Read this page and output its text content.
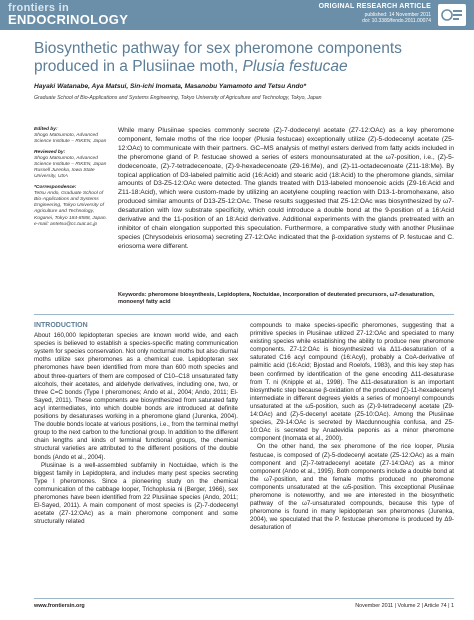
frontiers in
ENDOCRINOLOGY
ORIGINAL RESEARCH ARTICLE
published: 14 November 2011
doi: 10.3389/fendo.2011.00074
Biosynthetic pathway for sex pheromone components produced in a Plusiinae moth, Plusia festucae
Hayaki Watanabe, Aya Matsui, Sin-ichi Inomata, Masanobu Yamamoto and Tetsu Ando*
Graduate School of Bio-Applications and Systems Engineering, Tokyo University of Agriculture and Technology, Tokyo, Japan
Edited by:
Shogo Matsumoto, Advanced Science Institute – RIKEN, Japan
Reviewed by:
Shogo Matsumoto, Advanced Science Institute – RIKEN, Japan Russell Jurenka, Iowa State University, USA
*Correspondence:
Tetsu Ando, Graduate School of Bio-Applications and Systems Engineering, Tokyo University of Agriculture and Technology, Koganei, Tokyo 184-8588, Japan. e-mail: antetsu@cc.tuat.ac.jp
While many Plusiinae species commonly secrete (Z)-7-dodecenyl acetate (Z7-12:OAc) as a key pheromone component, female moths of the rice looper (Plusia festucae) exceptionally utilize (Z)-5-dodecenyl acetate (Z5-12:OAc) to communicate with their partners. GC–MS analysis of methyl esters derived from fatty acids included in the pheromone gland of P. festucae showed a series of esters monounsaturated at the ω7-position, i.e., (Z)-5-dodecenoate, (Z)-7-tetradecenoate, (Z)-9-hexadecenoate (Z9-16:Me), and (Z)-11-octadecenoate (Z11-18:Me). By topical application of D3-labeled palmitic acid (16:Acid) and stearic acid (18:Acid) to the pheromone glands, similar amounts of D3-Z5-12:OAc were detected. The glands treated with D13-labeled monoenoic acids (Z9-16:Acid and Z11-18:Acid), which were custom-made by utilizing an acetylene coupling reaction with D13-1-bromohexane, also produced similar amounts of D13-Z5-12:OAc. These results suggested that Z5-12:OAc was biosynthesized by ω7-desaturation with low substrate specificity, which could introduce a double bond at the 9-position of a 16:Acid derivative and the 11-position of an 18:Acid derivative. Additional experiments with the glands pretreated with an inhibitor of chain elongation supported this speculation. Furthermore, a comparative study with another Plusiinae species (Chrysodeixis eriosoma) secreting Z7-12:OAc indicated that the β-oxidation systems of P. festucae and C. eriosoma were different.
Keywords: pheromone biosynthesis, Lepidoptera, Noctuidae, incorporation of deuterated precursors, ω7-desaturation, monoenyl fatty acid
INTRODUCTION

About 160,000 lepidopteran species are known world wide, and each species is believed to establish a species-specific mating communication system for species conservation. Not only nocturnal moths but also diurnal moths utilize sex pheromones as a chemical cue. Lepidopteran sex pheromones have been identified from more than 600 moth species and about three-quarters of them are composed of C10–C18 unsaturated fatty alcohols, their acetates, and aldehyde derivatives, including one, two, or three C=C bonds (Type I pheromones; Ando et al., 2004; Ando, 2011; El-Sayed, 2011). These components are biosynthesized from saturated fatty acyl intermediates, into which double bonds are introduced at definite positions by desaturases working in a pheromone gland (Jurenka, 2004). The double bonds locate at various positions, i.e., from the terminal methyl group to the next carbon to the functional group. In addition to the different chain lengths and kinds of terminal functional groups, the chemical structural varieties are attributed to the different positions of the double bonds (Ando et al., 2004).

Plusiinae is a well-assembled subfamily in Noctuidae, which is the biggest family in Lepidoptera, and includes many pest species secreting Type I pheromones. Since a pioneering study on the chemical communication of the cabbage looper, Trichoplusia ni (Berger, 1966), sex pheromones have been identified from 22 Plusiinae species (Ando, 2011; El-Sayed, 2011). A main component of most species is (Z)-7-dodecenyl acetate (Z7-12:OAc) as a main pheromone component and some structurally related

compounds to make species-specific pheromones, suggesting that a primitive species in Plusiinae utilized Z7-12:OAc and speciated to many existing species while establishing the ability to produce new pheromone components. Z7-12:OAc is biosynthesized via Δ11-desaturation of a saturated C16 acyl compound (16:Acyl), probably a CoA-derivative of palmitic acid (16:Acid; Bjostad and Roelofs, 1983), and this key step has been confirmed by identification of the gene encoding Δ11-desaturase from T. ni (Knipple et al., 1998). The Δ11-desaturation is an important biosynthetic step because β-oxidation of the produced (Z)-11-hexadecenyl intermediate in different degrees yields a series of monoenyl compounds unsaturated at the ω5-position, such as (Z)-9-tetradecenyl acetate (Z9-14:OAc) and (Z)-5-decenyl acetate (Z5-10:OAc). Among the Plusiinae species, Z9-14:OAc is secreted by Macdunnoughia confusa, and Z5-10:OAc is secreted by Anadevidia peponis as a minor pheromone component (Inomata et al., 2000).

On the other hand, the sex pheromone of the rice looper, Plusia festucae, is composed of (Z)-5-dodecenyl acetate (Z5-12:OAc) as a main component and (Z)-7-tetradecenyl acetate (Z7-14:OAc) as a minor component (Ando et al., 1995). Both components include a double bond at the ω7-position, and the female moths produced no pheromone components unsaturated at the ω5-position. This exceptional Plusiinae pheromone is noteworthy, and we are interested in the biosynthetic pathway of the ω7-unsaturated compounds, because this type of pheromone is found in many lepidopteran sex pheromones (Jurenka, 2004), we speculated that the P. festucae pheromone is produced by Δ9-desaturation of

www.frontiersin.org	November 2011 | Volume 2 | Article 74 | 1
